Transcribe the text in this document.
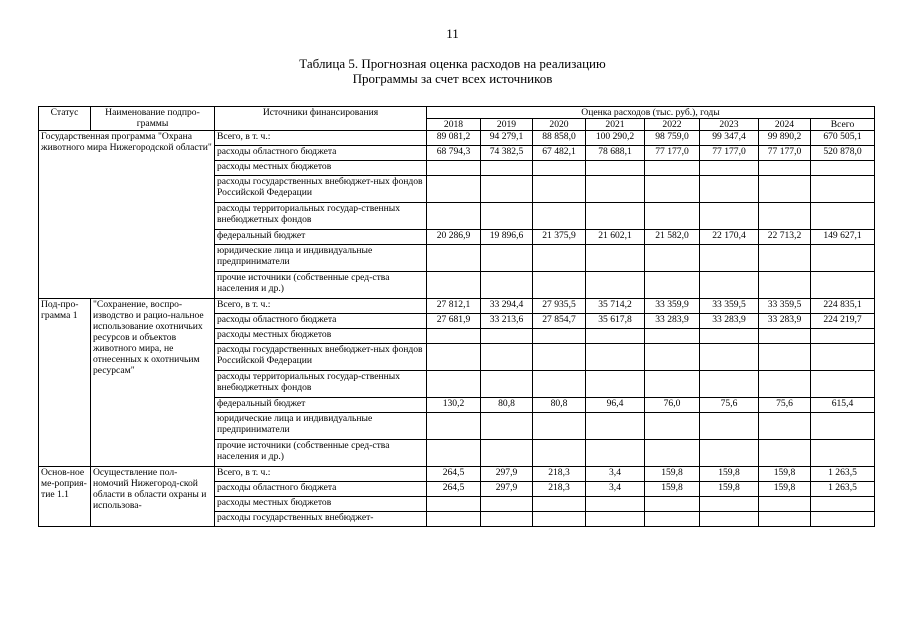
11
Таблица 5. Прогнозная оценка расходов на реализацию
Программы за счет всех источников
Статус	Наименование подпро-граммы	Источники финансирования	Оценка расходов (тыс. руб.), годы							
			2018	2019	2020	2021	2022	2023	2024	Всего
Государственная программа "Охрана животного мира Нижегородской области"		Всего, в т. ч.:	89 081,2	94 279,1	88 858,0	100 290,2	98 759,0	99 347,4	99 890,2	670 505,1
		расходы областного бюджета	68 794,3	74 382,5	67 482,1	78 688,1	77 177,0	77 177,0	77 177,0	520 878,0
		расходы местных бюджетов								
		расходы государственных внебюджет-ных фондов Российской Федерации								
		расходы территориальных государ-ственных внебюджетных фондов								
		федеральный бюджет	20 286,9	19 896,6	21 375,9	21 602,1	21 582,0	22 170,4	22 713,2	149 627,1
		юридические лица и индивидуальные предприниматели								
		прочие источники (собственные сред-ства населения и др.)								
Под-про-грамма 1	"Сохранение, воспро-изводство и рацио-нальное использование охотничьих ресурсов и объектов животного мира, не отнесенных к охотничьим ресурсам"	Всего, в т. ч.:	27 812,1	33 294,4	27 935,5	35 714,2	33 359,9	33 359,5	33 359,5	224 835,1
		расходы областного бюджета	27 681,9	33 213,6	27 854,7	35 617,8	33 283,9	33 283,9	33 283,9	224 219,7
		расходы местных бюджетов								
		расходы государственных внебюджет-ных фондов Российской Федерации								
		расходы территориальных государ-ственных внебюджетных фондов								
		федеральный бюджет	130,2	80,8	80,8	96,4	76,0	75,6	75,6	615,4
		юридические лица и индивидуальные предприниматели								
		прочие источники (собственные сред-ства населения и др.)								
Основ-ное ме-роприя-тие 1.1	Осуществление пол-номочий Нижегород-ской области в области охраны и использова-	Всего, в т. ч.:	264,5	297,9	218,3	3,4	159,8	159,8	159,8	1 263,5
		расходы областного бюджета	264,5	297,9	218,3	3,4	159,8	159,8	159,8	1 263,5
		расходы местных бюджетов								
		расходы государственных внебюджет-								
